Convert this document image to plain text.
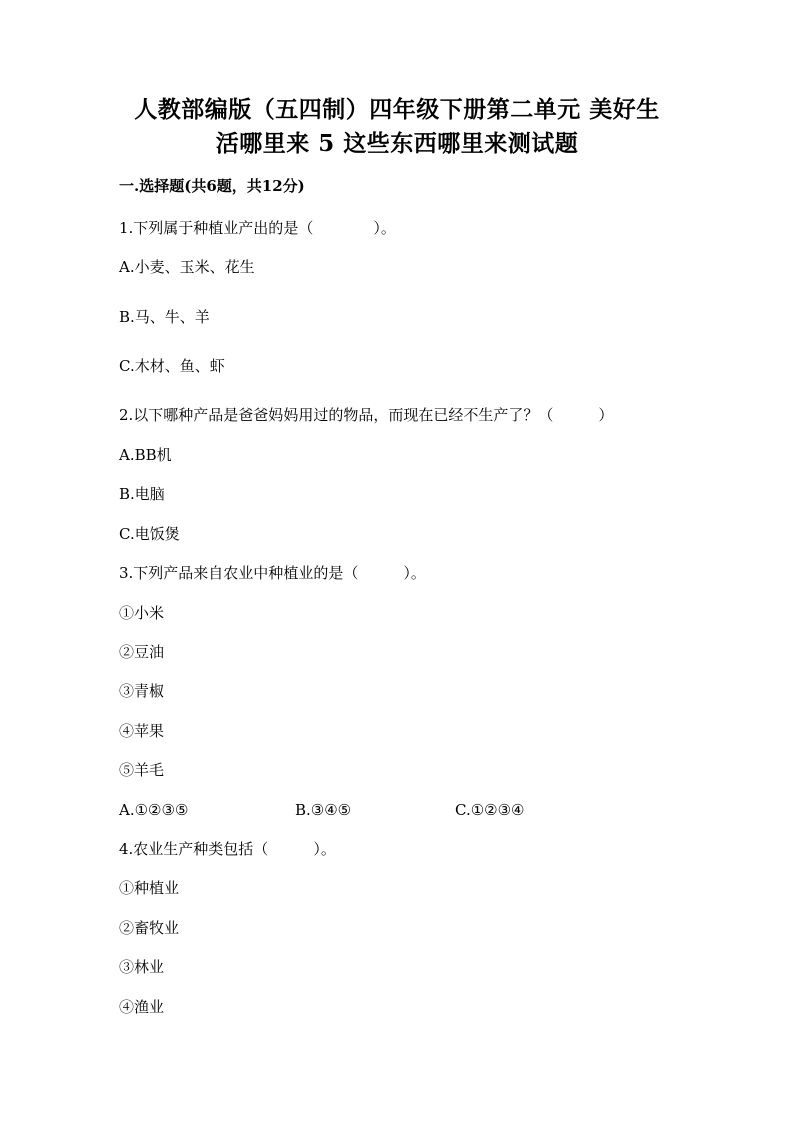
人教部编版（五四制）四年级下册第二单元 美好生
活哪里来 5 这些东西哪里来测试题
一.选择题(共6题，共12分)
1.下列属于种植业产出的是（　　　　）。
A.小麦、玉米、花生
B.马、牛、羊
C.木材、鱼、虾
2.以下哪种产品是爸爸妈妈用过的物品，而现在已经不生产了？（　　　）
A.BB机
B.电脑
C.电饭煲
3.下列产品来自农业中种植业的是（　　　）。
①小米
②豆油
③青椒
④苹果
⑤羊毛
A.①②③⑤	B.③④⑤	C.①②③④
4.农业生产种类包括（　　　）。
①种植业
②畜牧业
③林业
④渔业
